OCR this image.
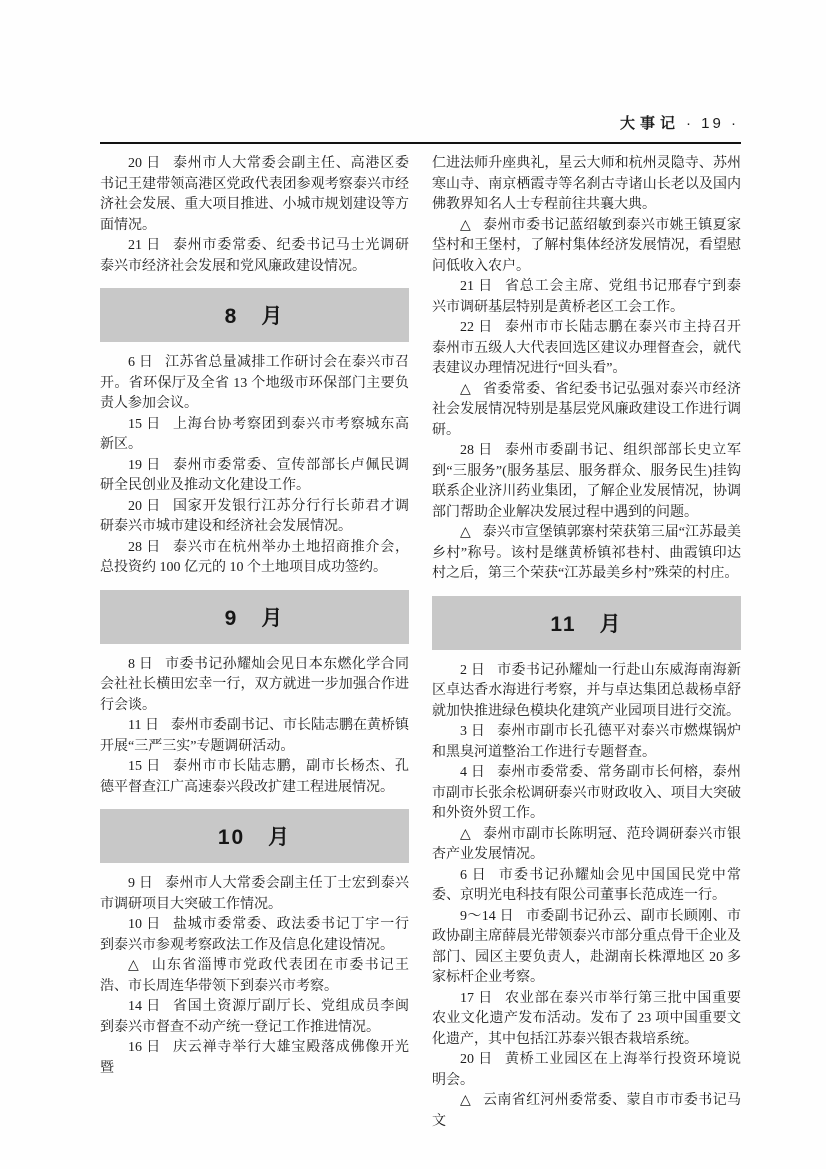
大事记 · 19 ·

20 日 泰州市人大常委会副主任、高港区委书记王建带领高港区党政代表团参观考察泰兴市经济社会发展、重大项目推进、小城市规划建设等方面情况。

21 日 泰州市委常委、纪委书记马士光调研泰兴市经济社会发展和党风廉政建设情况。

8　月

6 日 江苏省总量减排工作研讨会在泰兴市召开。省环保厅及全省 13 个地级市环保部门主要负责人参加会议。

15 日 上海台协考察团到泰兴市考察城东高新区。

19 日 泰州市委常委、宣传部部长卢佩民调研全民创业及推动文化建设工作。

20 日 国家开发银行江苏分行行长茆君才调研泰兴市城市建设和经济社会发展情况。

28 日 泰兴市在杭州举办土地招商推介会，总投资约 100 亿元的 10 个土地项目成功签约。

9　月

8 日 市委书记孙耀灿会见日本东燃化学合同会社社长横田宏幸一行，双方就进一步加强合作进行会谈。

11 日 泰州市委副书记、市长陆志鹏在黄桥镇开展“三严三实”专题调研活动。

15 日 泰州市市长陆志鹏，副市长杨杰、孔德平督查江广高速泰兴段改扩建工程进展情况。

10　月

9 日 泰州市人大常委会副主任丁士宏到泰兴市调研项目大突破工作情况。

10 日 盐城市委常委、政法委书记丁宇一行到泰兴市参观考察政法工作及信息化建设情况。

△ 山东省淄博市党政代表团在市委书记王浩、市长周连华带领下到泰兴市考察。

14 日 省国土资源厅副厅长、党组成员李闽到泰兴市督查不动产统一登记工作推进情况。

16 日 庆云禅寺举行大雄宝殿落成佛像开光暨

仁进法师升座典礼，星云大师和杭州灵隐寺、苏州寒山寺、南京栖霞寺等名刹古寺诸山长老以及国内佛教界知名人士专程前往共襄大典。

△ 泰州市委书记蓝绍敏到泰兴市姚王镇夏家垈村和王堡村，了解村集体经济发展情况，看望慰问低收入农户。

21 日 省总工会主席、党组书记邢春宁到泰兴市调研基层特别是黄桥老区工会工作。

22 日 泰州市市长陆志鹏在泰兴市主持召开泰州市五级人大代表回选区建议办理督查会，就代表建议办理情况进行“回头看”。

△ 省委常委、省纪委书记弘强对泰兴市经济社会发展情况特别是基层党风廉政建设工作进行调研。

28 日 泰州市委副书记、组织部部长史立军到“三服务”(服务基层、服务群众、服务民生)挂钩联系企业济川药业集团，了解企业发展情况，协调部门帮助企业解决发展过程中遇到的问题。

△ 泰兴市宣堡镇郭寨村荣获第三届“江苏最美乡村”称号。该村是继黄桥镇祁巷村、曲霞镇印达村之后，第三个荣获“江苏最美乡村”殊荣的村庄。

11　月

2 日 市委书记孙耀灿一行赴山东威海南海新区卓达香水海进行考察，并与卓达集团总裁杨卓舒就加快推进绿色模块化建筑产业园项目进行交流。

3 日 泰州市副市长孔德平对泰兴市燃煤锅炉和黑臭河道整治工作进行专题督查。

4 日 泰州市委常委、常务副市长何榕，泰州市副市长张余松调研泰兴市财政收入、项目大突破和外资外贸工作。

△ 泰州市副市长陈明冠、范玲调研泰兴市银杏产业发展情况。

6 日 市委书记孙耀灿会见中国国民党中常委、京明光电科技有限公司董事长范成连一行。

9～14 日 市委副书记孙云、副市长顾刚、市政协副主席薛晨光带领泰兴市部分重点骨干企业及部门、园区主要负责人，赴湖南长株潭地区 20 多家标杆企业考察。

17 日 农业部在泰兴市举行第三批中国重要农业文化遗产发布活动。发布了 23 项中国重要文化遗产，其中包括江苏泰兴银杏栽培系统。

20 日 黄桥工业园区在上海举行投资环境说明会。

△ 云南省红河州委常委、蒙自市市委书记马文
